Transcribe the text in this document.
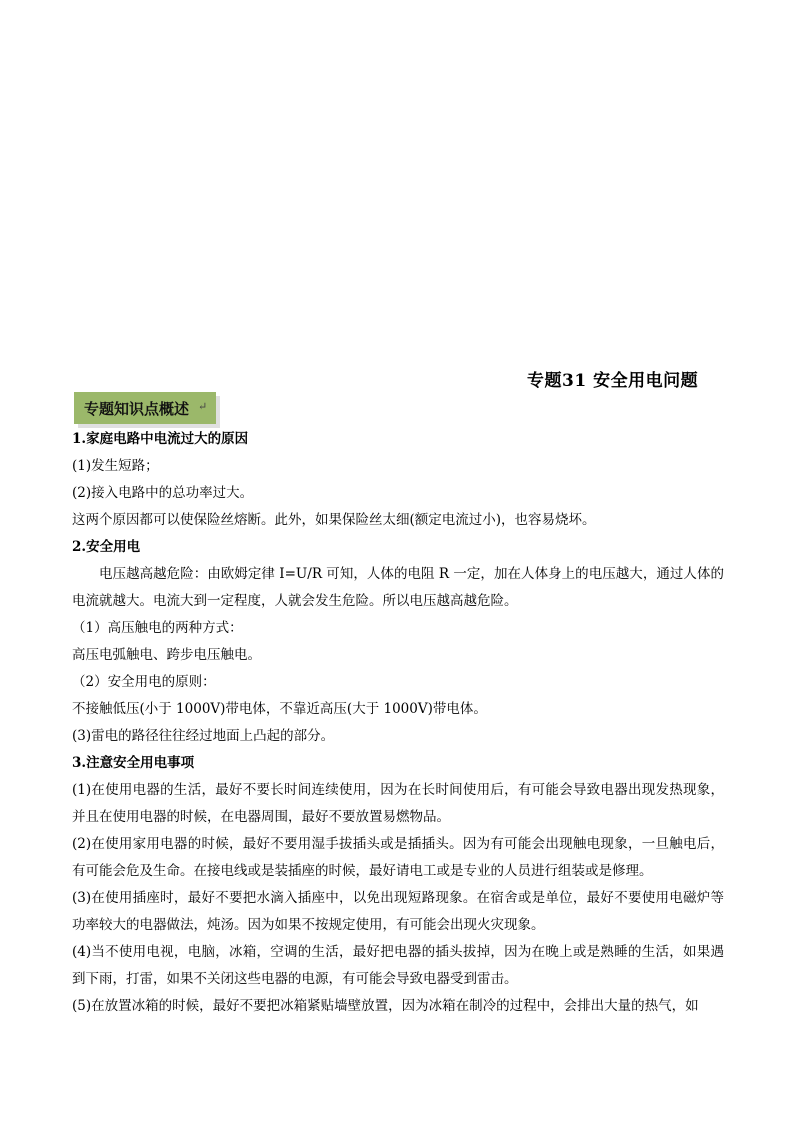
专题31 安全用电问题
专题知识点概述 ↵
1.家庭电路中电流过大的原因
(1)发生短路；
(2)接入电路中的总功率过大。
这两个原因都可以使保险丝熔断。此外，如果保险丝太细(额定电流过小)，也容易烧坏。
2.安全用电
电压越高越危险：由欧姆定律 I=U/R 可知，人体的电阻 R 一定，加在人体身上的电压越大，通过人体的电流就越大。电流大到一定程度，人就会发生危险。所以电压越高越危险。
（1）高压触电的两种方式：
高压电弧触电、跨步电压触电。
（2）安全用电的原则：
不接触低压(小于 1000V)带电体，不靠近高压(大于 1000V)带电体。
(3)雷电的路径往往经过地面上凸起的部分。
3.注意安全用电事项
(1)在使用电器的生活，最好不要长时间连续使用，因为在长时间使用后，有可能会导致电器出现发热现象，并且在使用电器的时候，在电器周围，最好不要放置易燃物品。
(2)在使用家用电器的时候，最好不要用湿手拔插头或是插插头。因为有可能会出现触电现象，一旦触电后，有可能会危及生命。在接电线或是装插座的时候，最好请电工或是专业的人员进行组装或是修理。
(3)在使用插座时，最好不要把水滴入插座中，以免出现短路现象。在宿舍或是单位，最好不要使用电磁炉等功率较大的电器做法，炖汤。因为如果不按规定使用，有可能会出现火灾现象。
(4)当不使用电视，电脑，冰箱，空调的生活，最好把电器的插头拔掉，因为在晚上或是熟睡的生活，如果遇到下雨，打雷，如果不关闭这些电器的电源，有可能会导致电器受到雷击。
(5)在放置冰箱的时候，最好不要把冰箱紧贴墙壁放置，因为冰箱在制冷的过程中，会排出大量的热气，如
